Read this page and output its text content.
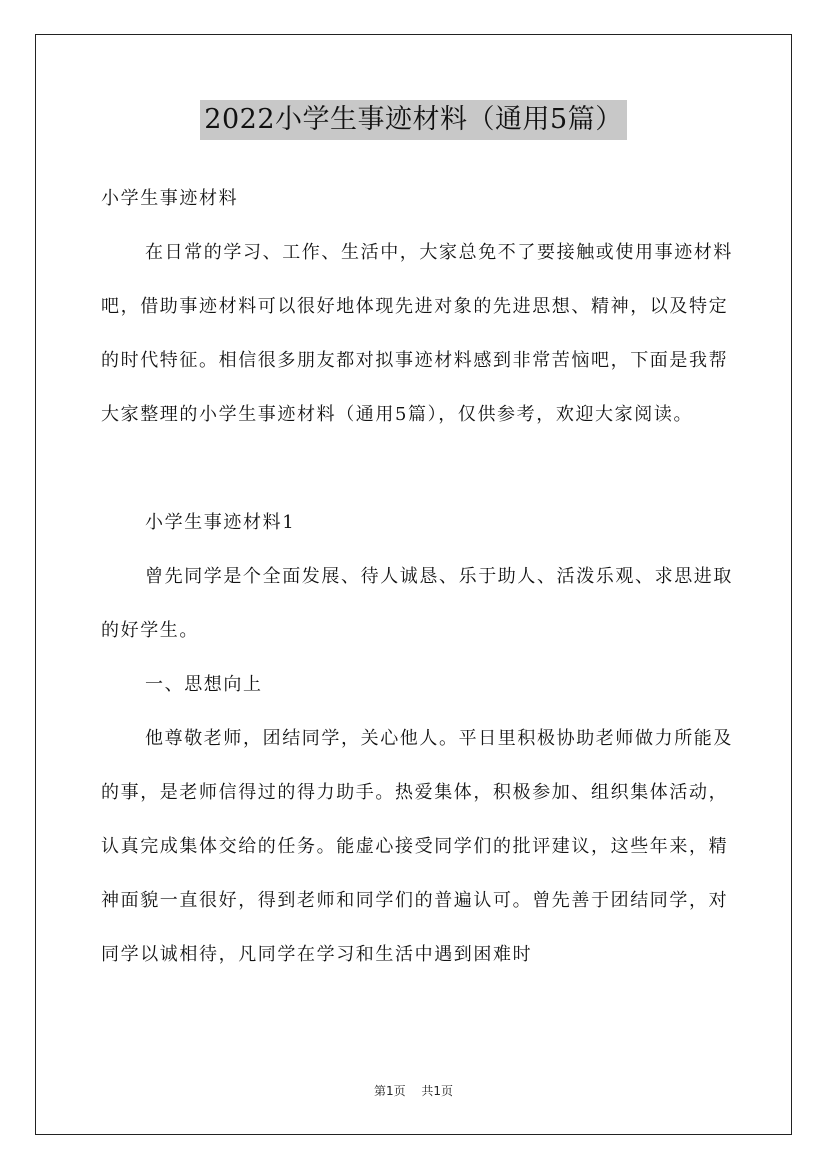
2022小学生事迹材料（通用5篇）

小学生事迹材料

在日常的学习、工作、生活中，大家总免不了要接触或使用事迹材料吧，借助事迹材料可以很好地体现先进对象的先进思想、精神，以及特定的时代特征。相信很多朋友都对拟事迹材料感到非常苦恼吧，下面是我帮大家整理的小学生事迹材料（通用5篇），仅供参考，欢迎大家阅读。

小学生事迹材料1

曾先同学是个全面发展、待人诚恳、乐于助人、活泼乐观、求思进取的好学生。

一、思想向上

他尊敬老师，团结同学，关心他人。平日里积极协助老师做力所能及的事，是老师信得过的得力助手。热爱集体，积极参加、组织集体活动，认真完成集体交给的任务。能虚心接受同学们的批评建议，这些年来，精神面貌一直很好，得到老师和同学们的普遍认可。曾先善于团结同学，对同学以诚相待，凡同学在学习和生活中遇到困难时

第1页 共1页
